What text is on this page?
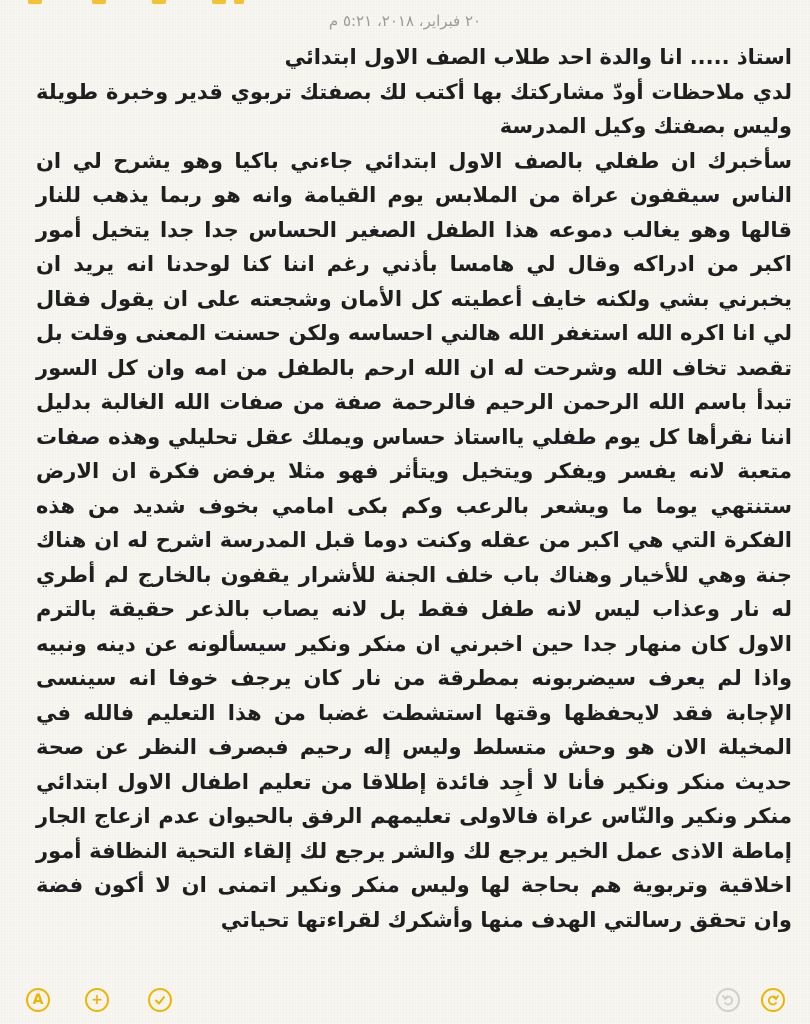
٢٠ فبراير، ٢٠١٨، ٥:٢١ م

استاذ ..... انا والدة احد طلاب الصف الاول ابتدائي

لدي ملاحظات أودّ مشاركتك بها أكتب لك بصفتك تربوي قدير وخبرة طويلة وليس بصفتك وكيل المدرسة

سأخبرك ان طفلي بالصف الاول ابتدائي جاءني باكيا وهو يشرح لي ان الناس سيقفون عراة من الملابس يوم القيامة وانه هو ربما يذهب للنار قالها وهو يغالب دموعه هذا الطفل الصغير الحساس جدا جدا يتخيل أمور اكبر من ادراكه وقال لي هامسا بأذني رغم اننا كنا لوحدنا انه يريد ان يخبرني بشي ولكنه خايف أعطيته كل الأمان وشجعته على ان يقول فقال لي انا اكره الله استغفر الله هالني احساسه ولكن حسنت المعنى وقلت بل تقصد تخاف الله وشرحت له ان الله ارحم بالطفل من امه وان كل السور تبدأ باسم الله الرحمن الرحيم فالرحمة صفة من صفات الله الغالبة بدليل اننا نقرأها كل يوم طفلي يااستاذ حساس ويملك عقل تحليلي وهذه صفات متعبة لانه يفسر ويفكر ويتخيل ويتأثر فهو مثلا يرفض فكرة ان الارض ستنتهي يوما ما ويشعر بالرعب وكم بكى امامي بخوف شديد من هذه الفكرة التي هي اكبر من عقله وكنت دوما قبل المدرسة اشرح له ان هناك جنة وهي للأخيار وهناك باب خلف الجنة للأشرار يقفون بالخارج لم أطري له نار وعذاب ليس لانه طفل فقط بل لانه يصاب بالذعر حقيقة بالترم الاول كان منهار جدا حين اخبرني ان منكر ونكير سيسألونه عن دينه ونبيه واذا لم يعرف سيضربونه بمطرقة من نار كان يرجف خوفا انه سينسى الإجابة فقد لايحفظها وقتها استشطت غضبا من هذا التعليم فالله في المخيلة الان هو وحش متسلط وليس إله رحيم فبصرف النظر عن صحة حديث منكر ونكير فأنا لا أجِد فائدة إطلاقا من تعليم اطفال الاول ابتدائي منكر ونكير والنّاس عراة فالاولى تعليمهم الرفق بالحيوان عدم ازعاج الجار إماطة الاذى عمل الخير يرجع لك والشر يرجع لك إلقاء التحية النظافة أمور اخلاقية وتربوية هم بحاجة لها وليس منكر ونكير اتمنى ان لا أكون فضة وان تحقق رسالتي الهدف منها وأشكرك لقراءتها تحياتي

A	+
